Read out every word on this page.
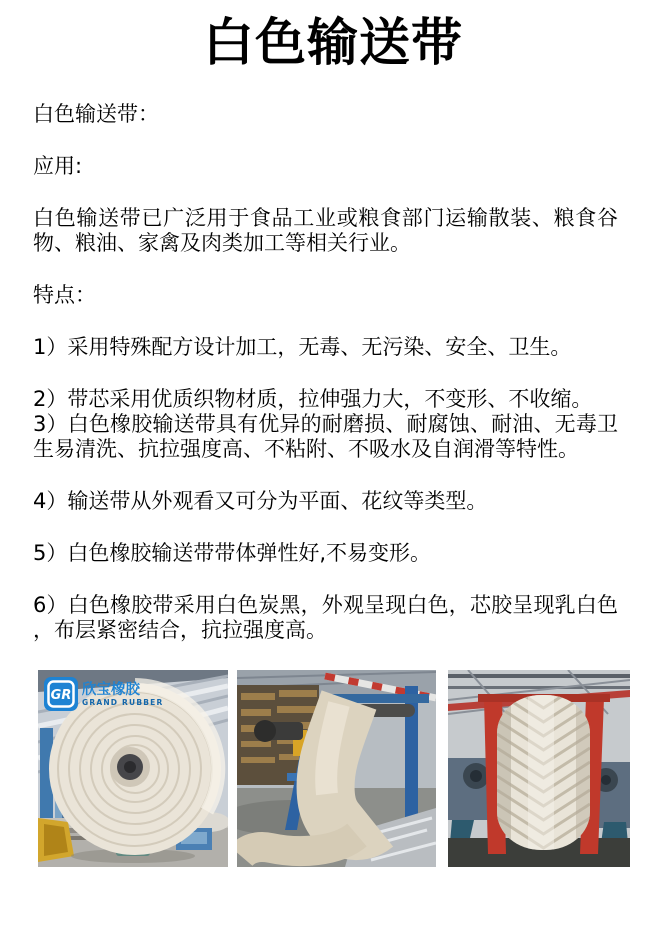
白色输送带

白色输送带：

应用:

白色输送带已广泛用于食品工业或粮食部门运输散装、粮食谷物、粮油、家禽及肉类加工等相关行业。

特点：

1）采用特殊配方设计加工，无毒、无污染、安全、卫生。

2）带芯采用优质织物材质，拉伸强力大，不变形、不收缩。

3）白色橡胶输送带具有优异的耐磨损、耐腐蚀、耐油、无毒卫生易清洗、抗拉强度高、不粘附、不吸水及自润滑等特性。

4）输送带从外观看又可分为平面、花纹等类型。

5）白色橡胶输送带带体弹性好,不易变形。

6）白色橡胶带采用白色炭黑，外观呈现白色，芯胶呈现乳白色，布层紧密结合，抗拉强度高。

GR 欣宝橡胶
GRAND RUBBER
